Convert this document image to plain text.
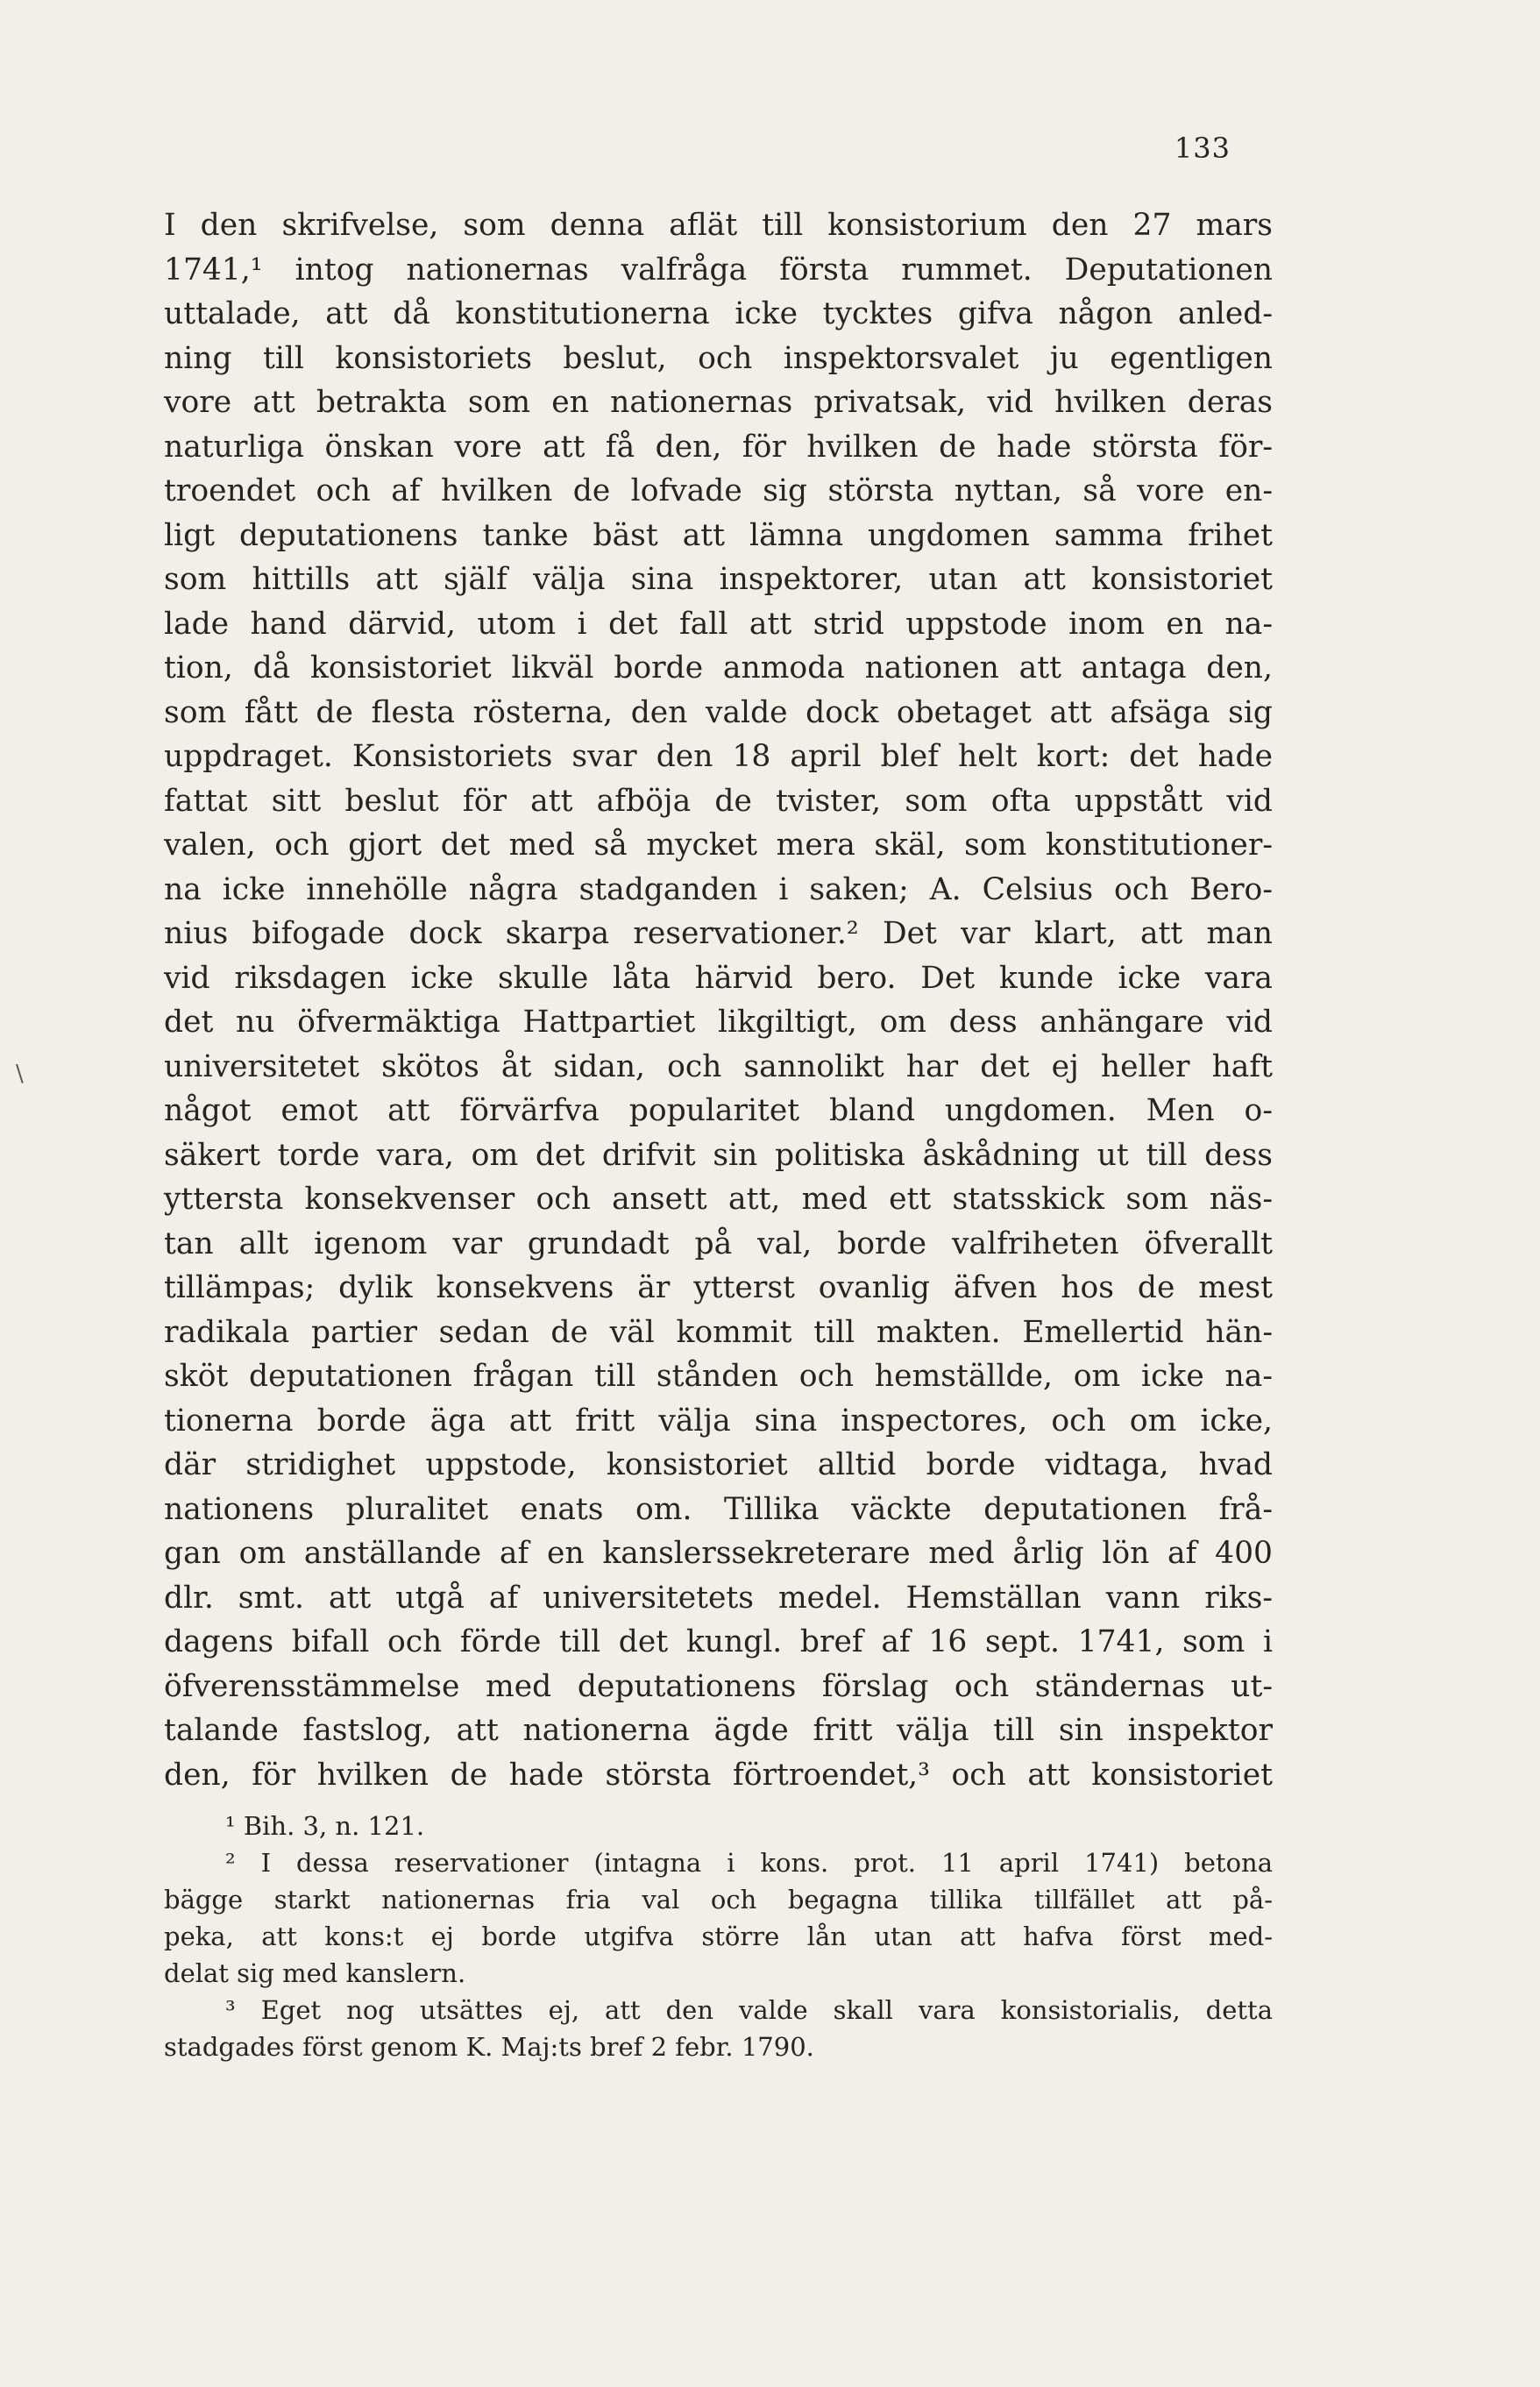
133
\
I den skrifvelse, som denna aflät till konsistorium den 27 mars
1741,¹ intog nationernas valfråga första rummet. Deputationen
uttalade, att då konstitutionerna icke tycktes gifva någon anled-
ning till konsistoriets beslut, och inspektorsvalet ju egentligen
vore att betrakta som en nationernas privatsak, vid hvilken deras
naturliga önskan vore att få den, för hvilken de hade största för-
troendet och af hvilken de lofvade sig största nyttan, så vore en-
ligt deputationens tanke bäst att lämna ungdomen samma frihet
som hittills att själf välja sina inspektorer, utan att konsistoriet
lade hand därvid, utom i det fall att strid uppstode inom en na-
tion, då konsistoriet likväl borde anmoda nationen att antaga den,
som fått de flesta rösterna, den valde dock obetaget att afsäga sig
uppdraget. Konsistoriets svar den 18 april blef helt kort: det hade
fattat sitt beslut för att afböja de tvister, som ofta uppstått vid
valen, och gjort det med så mycket mera skäl, som konstitutioner-
na icke innehölle några stadganden i saken; A. Celsius och Bero-
nius bifogade dock skarpa reservationer.² Det var klart, att man
vid riksdagen icke skulle låta härvid bero. Det kunde icke vara
det nu öfvermäktiga Hattpartiet likgiltigt, om dess anhängare vid
universitetet skötos åt sidan, och sannolikt har det ej heller haft
något emot att förvärfva popularitet bland ungdomen. Men o-
säkert torde vara, om det drifvit sin politiska åskådning ut till dess
yttersta konsekvenser och ansett att, med ett statsskick som näs-
tan allt igenom var grundadt på val, borde valfriheten öfverallt
tillämpas; dylik konsekvens är ytterst ovanlig äfven hos de mest
radikala partier sedan de väl kommit till makten. Emellertid hän-
sköt deputationen frågan till stånden och hemställde, om icke na-
tionerna borde äga att fritt välja sina inspectores, och om icke,
där stridighet uppstode, konsistoriet alltid borde vidtaga, hvad
nationens pluralitet enats om. Tillika väckte deputationen frå-
gan om anställande af en kanslerssekreterare med årlig lön af 400
dlr. smt. att utgå af universitetets medel. Hemställan vann riks-
dagens bifall och förde till det kungl. bref af 16 sept. 1741, som i
öfverensstämmelse med deputationens förslag och ständernas ut-
talande fastslog, att nationerna ägde fritt välja till sin inspektor
den, för hvilken de hade största förtroendet,³ och att konsistoriet
¹ Bih. 3, n. 121.
² I dessa reservationer (intagna i kons. prot. 11 april 1741) betona
bägge starkt nationernas fria val och begagna tillika tillfället att på-
peka, att kons:t ej borde utgifva större lån utan att hafva först med-
delat sig med kanslern.
³ Eget nog utsättes ej, att den valde skall vara konsistorialis, detta
stadgades först genom K. Maj:ts bref 2 febr. 1790.
